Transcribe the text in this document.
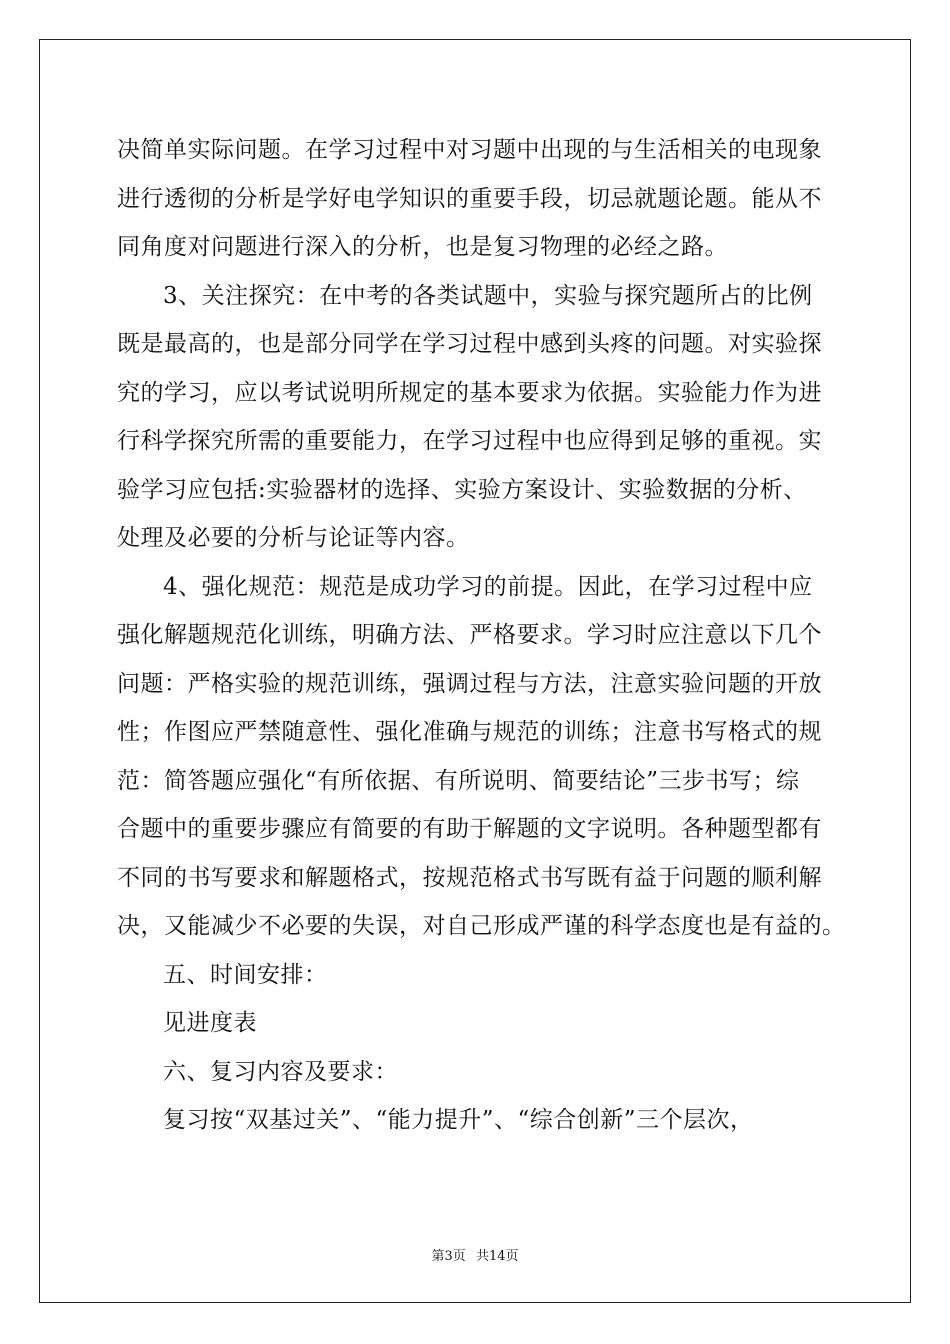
决简单实际问题。在学习过程中对习题中出现的与生活相关的电现象
进行透彻的分析是学好电学知识的重要手段，切忌就题论题。能从不
同角度对问题进行深入的分析，也是复习物理的必经之路。
3、关注探究：在中考的各类试题中，实验与探究题所占的比例
既是最高的，也是部分同学在学习过程中感到头疼的问题。对实验探
究的学习，应以考试说明所规定的基本要求为依据。实验能力作为进
行科学探究所需的重要能力，在学习过程中也应得到足够的重视。实
验学习应包括:实验器材的选择、实验方案设计、实验数据的分析、
处理及必要的分析与论证等内容。
4、强化规范：规范是成功学习的前提。因此，在学习过程中应
强化解题规范化训练，明确方法、严格要求。学习时应注意以下几个
问题：严格实验的规范训练，强调过程与方法，注意实验问题的开放
性；作图应严禁随意性、强化准确与规范的训练；注意书写格式的规
范：简答题应强化“有所依据、有所说明、简要结论”三步书写；综
合题中的重要步骤应有简要的有助于解题的文字说明。各种题型都有
不同的书写要求和解题格式，按规范格式书写既有益于问题的顺利解
决，又能减少不必要的失误，对自己形成严谨的科学态度也是有益的。
五、时间安排：
见进度表
六、复习内容及要求：
复习按“双基过关”、“能力提升”、“综合创新”三个层次，
第3页 共14页
